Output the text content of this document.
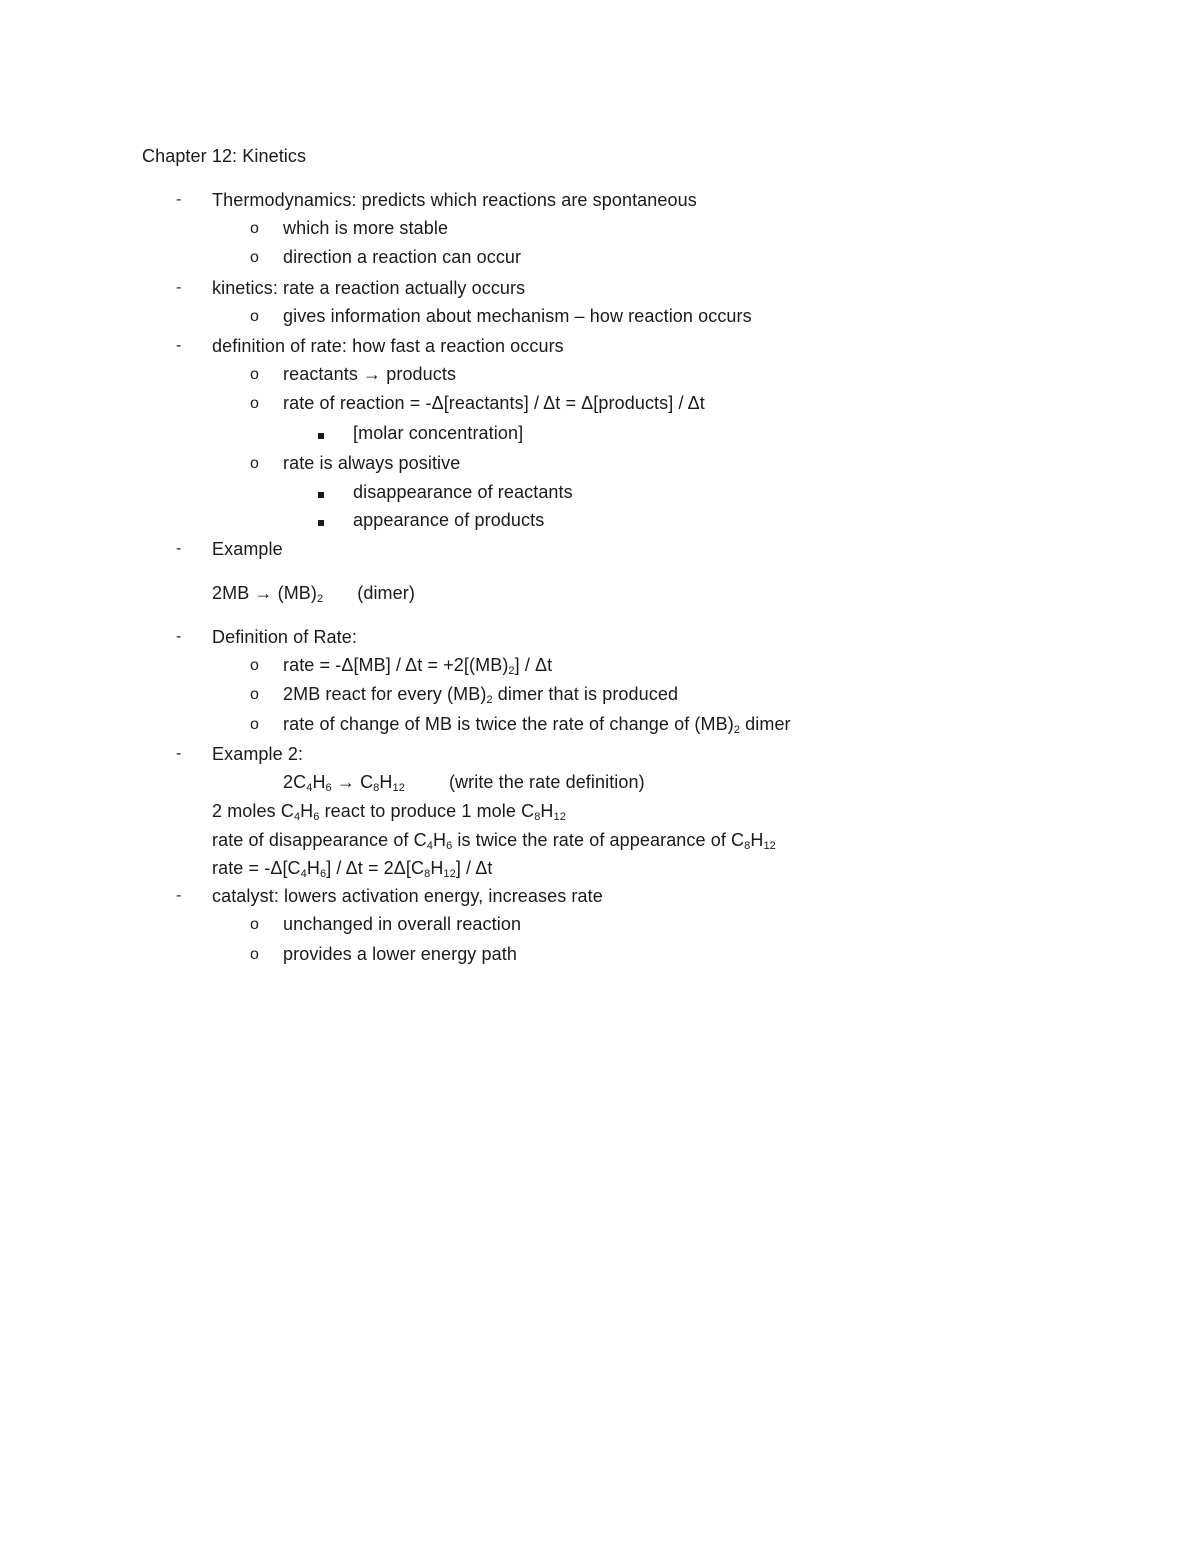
Chapter 12: Kinetics
- Thermodynamics: predicts which reactions are spontaneous
o which is more stable
o direction a reaction can occur
- kinetics: rate a reaction actually occurs
o gives information about mechanism – how reaction occurs
- definition of rate: how fast a reaction occurs
o reactants → products
o rate of reaction = -Δ[reactants] / Δt = Δ[products] / Δt
[molar concentration]
o rate is always positive
disappearance of reactants
appearance of products
- Example
$2MB \to (MB)_2$ (dimer)
- Definition of Rate:
o rate = $-\Delta[MB] / \Delta t = +2[(MB)_2] / \Delta t$
o 2MB react for every $(MB)_2$ dimer that is produced
o rate of change of MB is twice the rate of change of $(MB)_2$ dimer
- Example 2:
$2C_4H_6 \to C_8H_{12}$ (write the rate definition)
2 moles $C_4H_6$ react to produce 1 mole $C_8H_{12}$
rate of disappearance of $C_4H_6$ is twice the rate of appearance of $C_8H_{12}$
rate = $-\Delta[C_4H_6] / \Delta t = 2\Delta[C_8H_{12}] / \Delta t$
- catalyst: lowers activation energy, increases rate
o unchanged in overall reaction
o provides a lower energy path
